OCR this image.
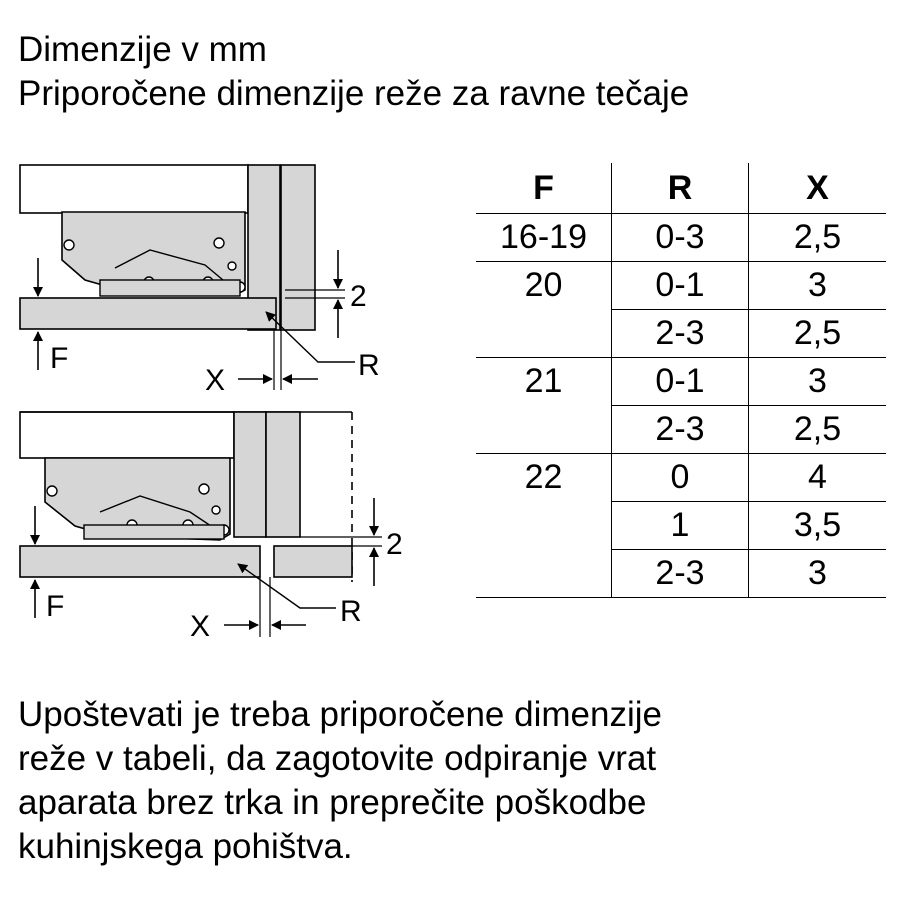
Dimenzije v mm
Priporočene dimenzije reže za ravne tečaje
F
2
X	R
F
2
X	R
F	R	X
16-19	0-3	2,5
20	0-1	3
	2-3	2,5
21	0-1	3
	2-3	2,5
22	0	4
	1	3,5
	2-3	3
Upoštevati je treba priporočene dimenzije
reže v tabeli, da zagotovite odpiranje vrat
aparata brez trka in preprečite poškodbe
kuhinjskega pohištva.
